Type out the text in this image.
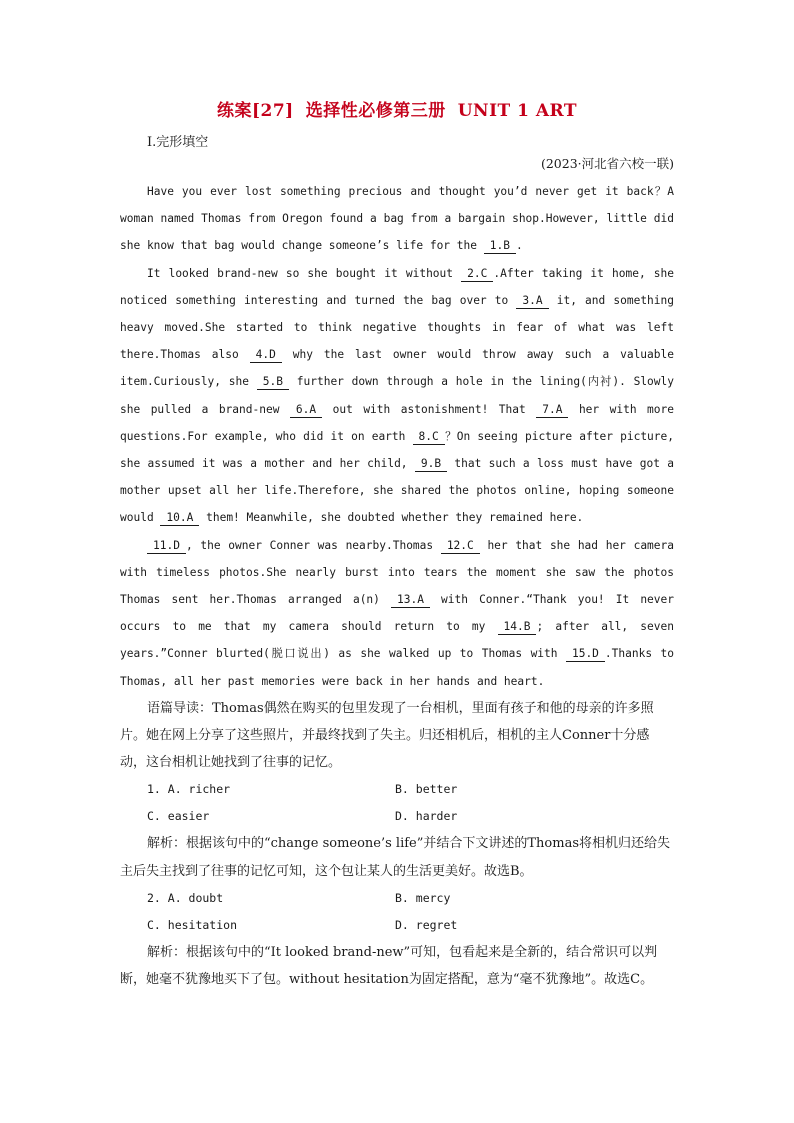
练案[27] 选择性必修第三册 UNIT 1 ART
Ⅰ.完形填空
(2023·河北省六校一联)

Have you ever lost something precious and thought you’d never get it back？A woman named Thomas from Oregon found a bag from a bargain shop.However, little did she know that bag would change someone’s life for the 1.B .

It looked brand-new so she bought it without 2.C .After taking it home, she noticed something interesting and turned the bag over to 3.A it, and something heavy moved.She started to think negative thoughts in fear of what was left there.Thomas also 4.D why the last owner would throw away such a valuable item.Curiously, she 5.B further down through a hole in the lining(内衬). Slowly she pulled a brand-new 6.A out with astonishment! That 7.A her with more questions.For example, who did it on earth 8.C ？On seeing picture after picture, she assumed it was a mother and her child, 9.B that such a loss must have got a mother upset all her life.Therefore, she shared the photos online, hoping someone would 10.A them! Meanwhile, she doubted whether they remained here.

11.D , the owner Conner was nearby.Thomas 12.C her that she had her camera with timeless photos.She nearly burst into tears the moment she saw the photos Thomas sent her.Thomas arranged a(n) 13.A with Conner.“Thank you! It never occurs to me that my camera should return to my 14.B ; after all, seven years.”Conner blurted(脱口说出) as she walked up to Thomas with 15.D .Thanks to Thomas, all her past memories were back in her hands and heart.

语篇导读：Thomas偶然在购买的包里发现了一台相机，里面有孩子和他的母亲的许多照片。她在网上分享了这些照片，并最终找到了失主。归还相机后，相机的主人Conner十分感动，这台相机让她找到了往事的记忆。

1. A. richer	B. better
C. easier	D. harder

解析：根据该句中的“change someone’s life”并结合下文讲述的Thomas将相机归还给失主后失主找到了往事的记忆可知，这个包让某人的生活更美好。故选B。

2. A. doubt	B. mercy
C. hesitation	D. regret

解析：根据该句中的“It looked brand-new”可知，包看起来是全新的，结合常识可以判断，她毫不犹豫地买下了包。without hesitation为固定搭配，意为“毫不犹豫地”。故选C。
